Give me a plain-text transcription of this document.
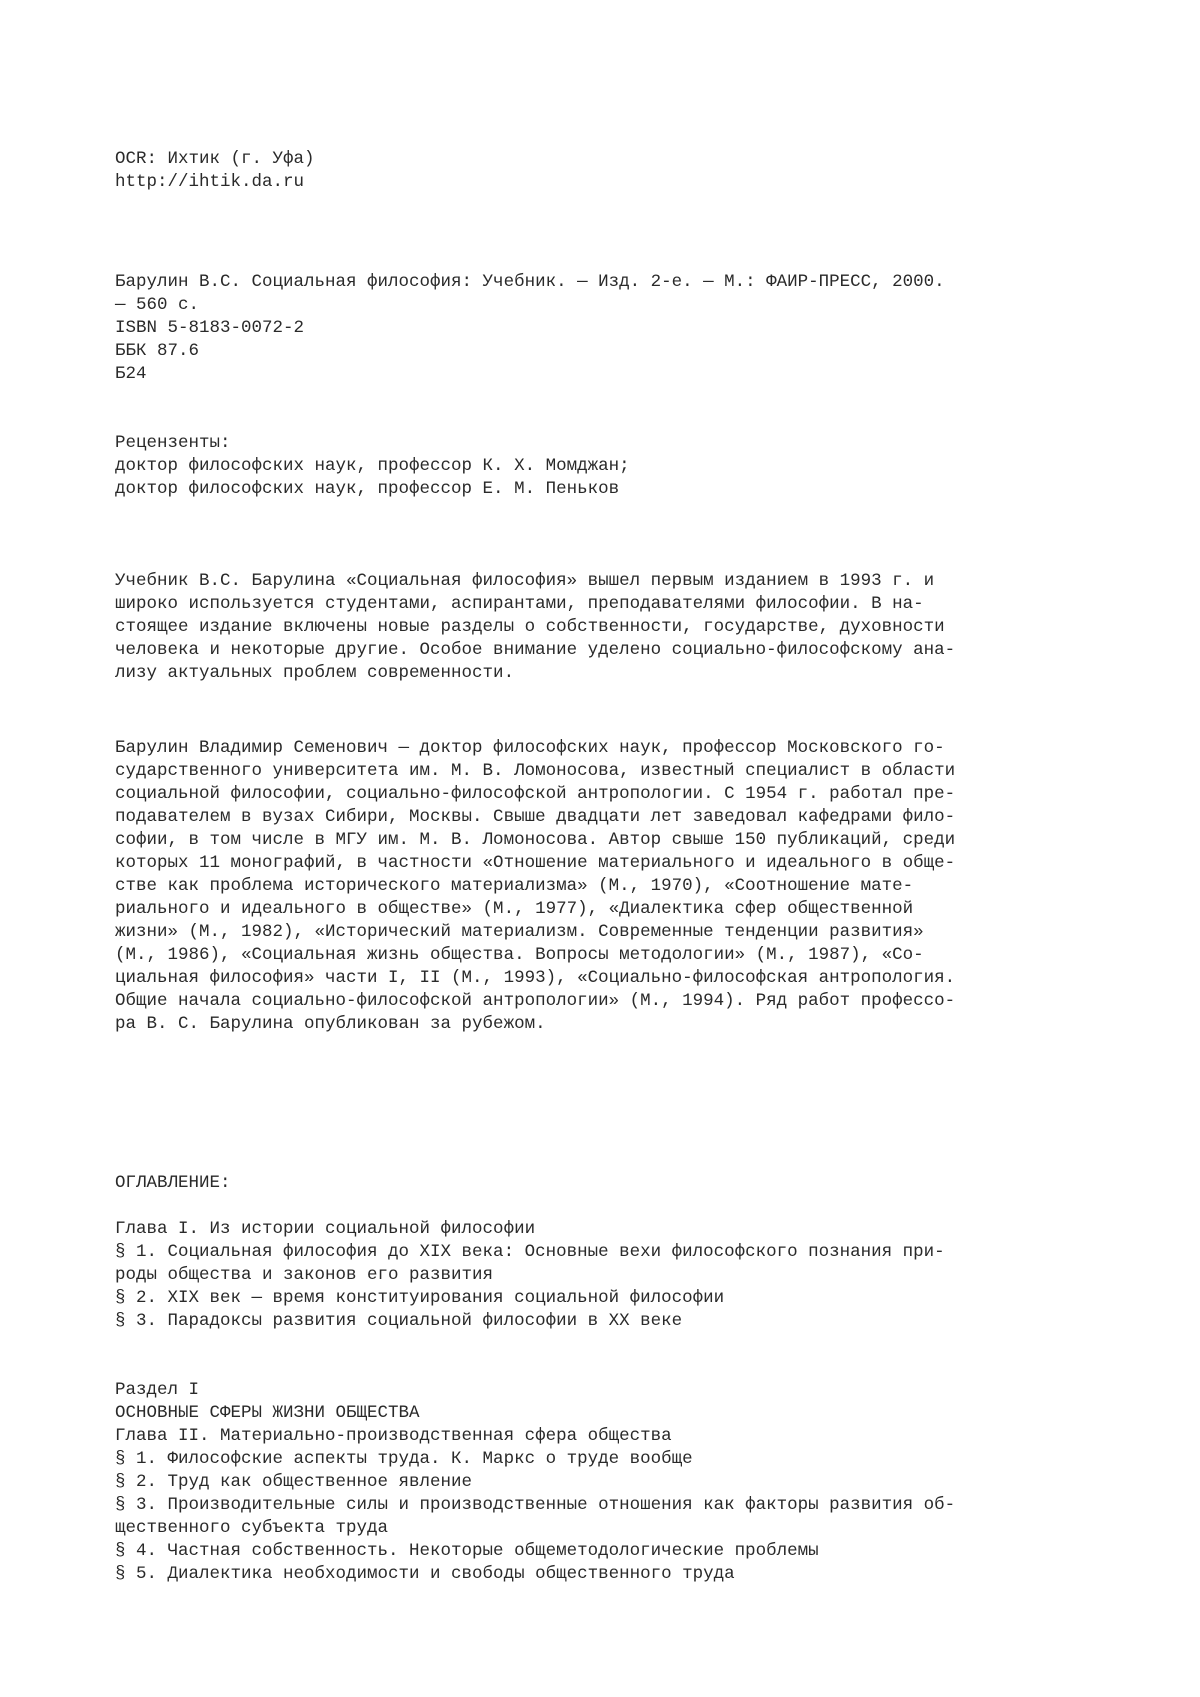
OCR: Ихтик (г. Уфа)
http://ihtik.da.ru
Барулин В.С. Социальная философия: Учебник. — Изд. 2-е. — М.: ФАИР-ПРЕСС, 2000.
— 560 с.
ISBN 5-8183-0072-2
ББК 87.6
Б24
Рецензенты:
доктор философских наук, профессор К. Х. Момджан;
доктор философских наук, профессор Е. М. Пеньков
Учебник В.С. Барулина «Социальная философия» вышел первым изданием в 1993 г. и
широко используется студентами, аспирантами, преподавателями философии. В на-
стоящее издание включены новые разделы о собственности, государстве, духовности
человека и некоторые другие. Особое внимание уделено социально-философскому ана-
лизу актуальных проблем современности.
Барулин Владимир Семенович — доктор философских наук, профессор Московского го-
сударственного университета им. М. В. Ломоносова, известный специалист в области
социальной философии, социально-философской антропологии. С 1954 г. работал пре-
подавателем в вузах Сибири, Москвы. Свыше двадцати лет заведовал кафедрами фило-
софии, в том числе в МГУ им. М. В. Ломоносова. Автор свыше 150 публикаций, среди
которых 11 монографий, в частности «Отношение материального и идеального в обще-
стве как проблема исторического материализма» (М., 1970), «Соотношение мате-
риального и идеального в обществе» (М., 1977), «Диалектика сфер общественной
жизни» (М., 1982), «Исторический материализм. Современные тенденции развития»
(М., 1986), «Социальная жизнь общества. Вопросы методологии» (М., 1987), «Со-
циальная философия» части I, II (М., 1993), «Социально-философская антропология.
Общие начала социально-философской антропологии» (М., 1994). Ряд работ профессо-
ра В. С. Барулина опубликован за рубежом.
ОГЛАВЛЕНИЕ:
Глава I. Из истории социальной философии
§ 1. Социальная философия до XIX века: Основные вехи философского познания при-
роды общества и законов его развития
§ 2. XIX век — время конституирования социальной философии
§ 3. Парадоксы развития социальной философии в XX веке
Раздел I
ОСНОВНЫЕ СФЕРЫ ЖИЗНИ ОБЩЕСТВА
Глава II. Материально-производственная сфера общества
§ 1. Философские аспекты труда. К. Маркс о труде вообще
§ 2. Труд как общественное явление
§ 3. Производительные силы и производственные отношения как факторы развития об-
щественного субъекта труда
§ 4. Частная собственность. Некоторые общеметодологические проблемы
§ 5. Диалектика необходимости и свободы общественного труда
